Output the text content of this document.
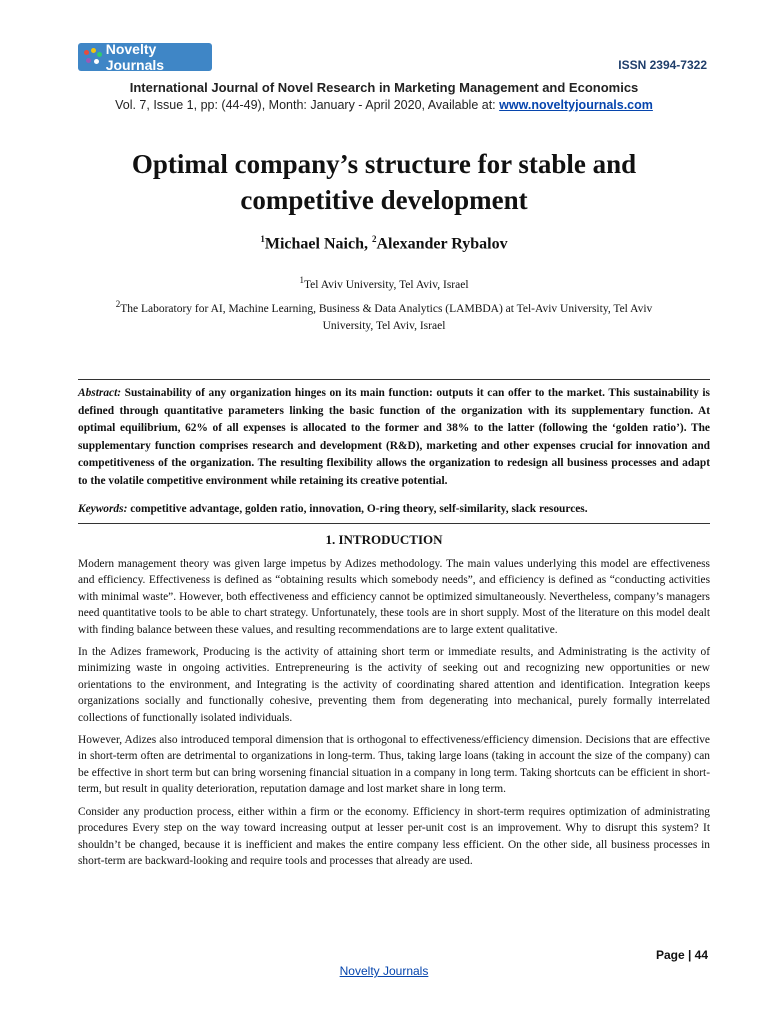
Novelty Journals	ISSN 2394-7322
International Journal of Novel Research in Marketing Management and Economics
Vol. 7, Issue 1, pp: (44-49), Month: January - April 2020, Available at: www.noveltyjournals.com
Optimal company’s structure for stable and competitive development
$^1$Michael Naich, $^2$Alexander Rybalov
$^1$Tel Aviv University, Tel Aviv, Israel
$^2$The Laboratory for AI, Machine Learning, Business & Data Analytics (LAMBDA) at Tel-Aviv University, Tel Aviv University, Tel Aviv, Israel
Abstract: Sustainability of any organization hinges on its main function: outputs it can offer to the market. This sustainability is defined through quantitative parameters linking the basic function of the organization with its supplementary function. At optimal equilibrium, 62% of all expenses is allocated to the former and 38% to the latter (following the ‘golden ratio’). The supplementary function comprises research and development (R&D), marketing and other expenses crucial for innovation and competitiveness of the organization. The resulting flexibility allows the organization to redesign all business processes and adapt to the volatile competitive environment while retaining its creative potential.
Keywords: competitive advantage, golden ratio, innovation, O-ring theory, self-similarity, slack resources.
1. INTRODUCTION

Modern management theory was given large impetus by Adizes methodology. The main values underlying this model are effectiveness and efficiency. Effectiveness is defined as “obtaining results which somebody needs”, and efficiency is defined as “conducting activities with minimal waste”. However, both effectiveness and efficiency cannot be optimized simultaneously. Nevertheless, company’s managers need quantitative tools to be able to chart strategy. Unfortunately, these tools are in short supply. Most of the literature on this model dealt with finding balance between these values, and resulting recommendations are to large extent qualitative.

In the Adizes framework, Producing is the activity of attaining short term or immediate results, and Administrating is the activity of minimizing waste in ongoing activities. Entrepreneuring is the activity of seeking out and recognizing new opportunities or new orientations to the environment, and Integrating is the activity of coordinating shared attention and identification. Integration keeps organizations socially and functionally cohesive, preventing them from degenerating into mechanical, purely formally interrelated collections of functionally isolated individuals.

However, Adizes also introduced temporal dimension that is orthogonal to effectiveness/efficiency dimension. Decisions that are effective in short-term often are detrimental to organizations in long-term. Thus, taking large loans (taking in account the size of the company) can be effective in short term but can bring worsening financial situation in a company in long term. Taking shortcuts can be efficient in short-term, but result in quality deterioration, reputation damage and lost market share in long term.

Consider any production process, either within a firm or the economy. Efficiency in short-term requires optimization of administrating procedures Every step on the way toward increasing output at lesser per-unit cost is an improvement. Why to disrupt this system? It shouldn’t be changed, because it is inefficient and makes the entire company less efficient. On the other side, all business processes in short-term are backward-looking and require tools and processes that already are used.

Page | 44
Novelty Journals
